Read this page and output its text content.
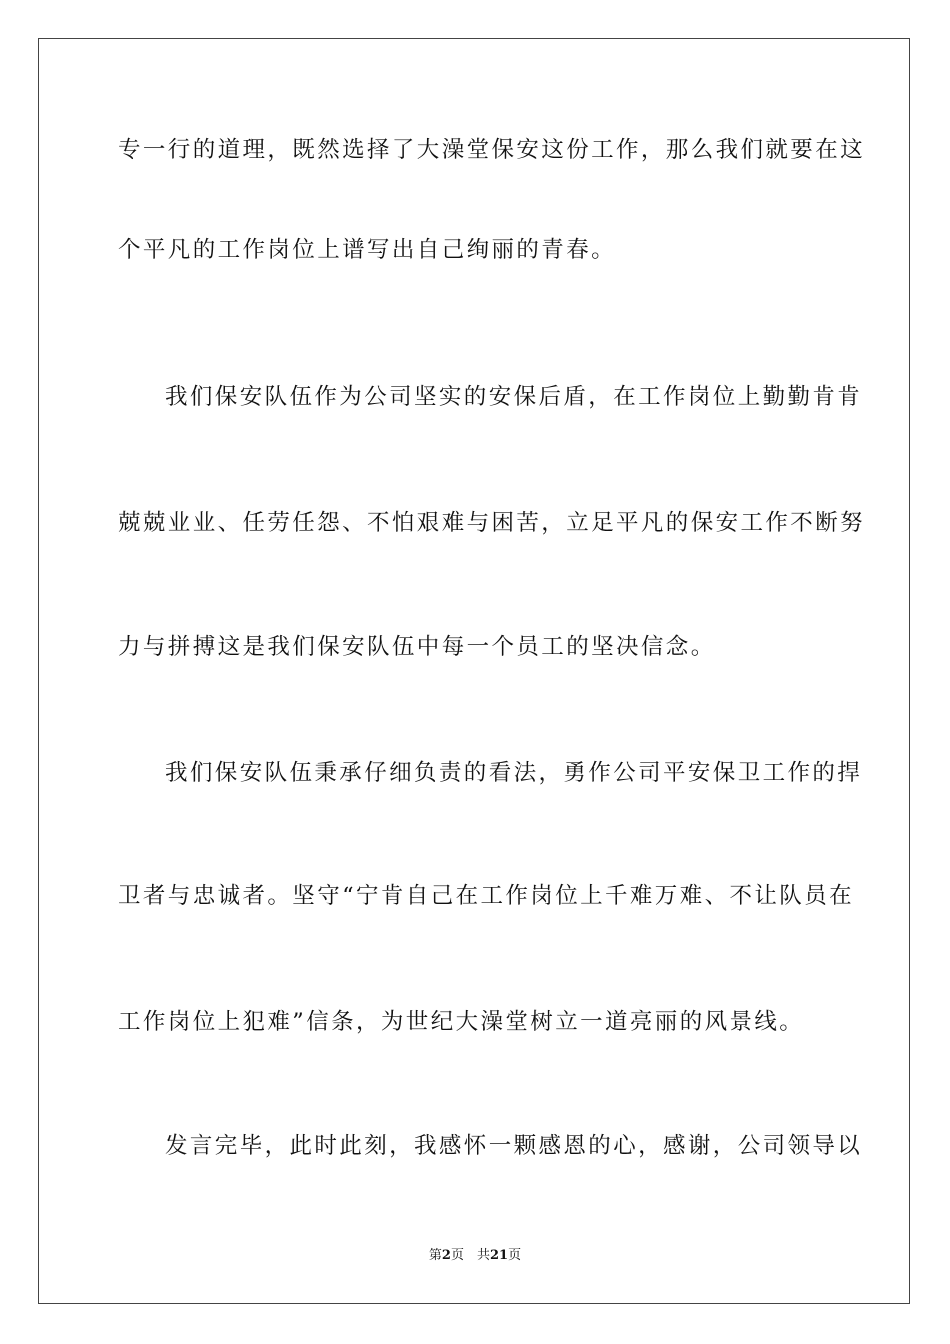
专一行的道理，既然选择了大澡堂保安这份工作，那么我们就要在这
个平凡的工作岗位上谱写出自己绚丽的青春。
我们保安队伍作为公司坚实的安保后盾，在工作岗位上勤勤肯肯
兢兢业业、任劳任怨、不怕艰难与困苦，立足平凡的保安工作不断努
力与拼搏这是我们保安队伍中每一个员工的坚决信念。
我们保安队伍秉承仔细负责的看法，勇作公司平安保卫工作的捍
卫者与忠诚者。坚守“宁肯自己在工作岗位上千难万难、不让队员在
工作岗位上犯难”信条，为世纪大澡堂树立一道亮丽的风景线。
发言完毕，此时此刻，我感怀一颗感恩的心，感谢，公司领导以
第2页　共21页
